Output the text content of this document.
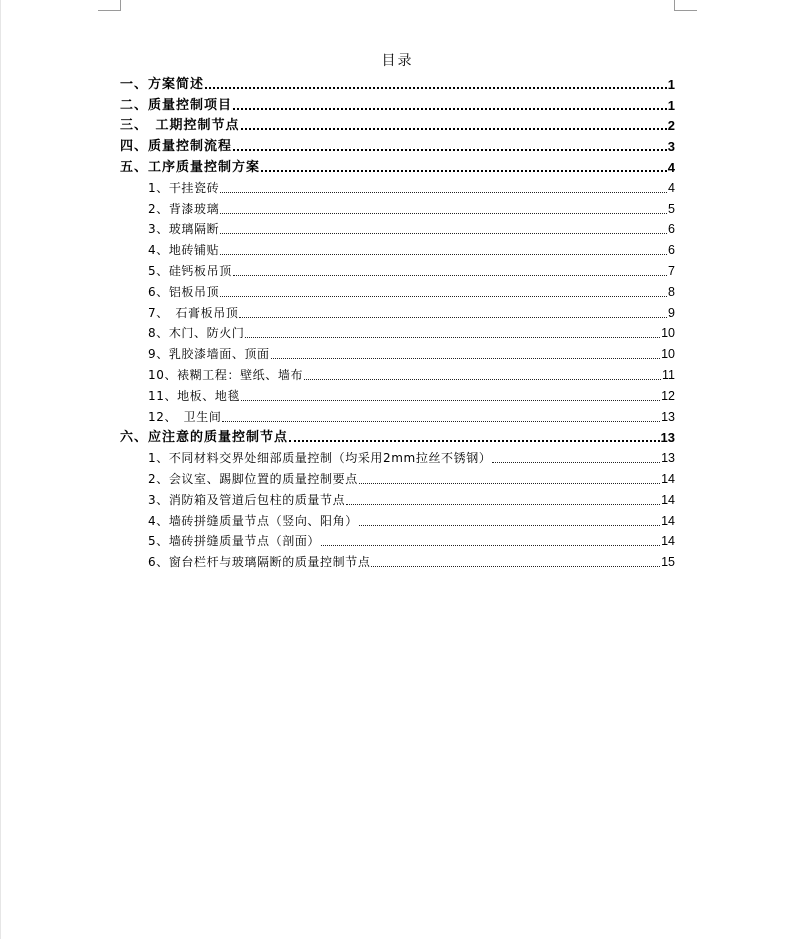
目录
一、方案简述	1
二、质量控制项目	1
三、　工期控制节点	2
四、质量控制流程	3
五、工序质量控制方案	4
1、干挂瓷砖	4
2、背漆玻璃	5
3、玻璃隔断	6
4、地砖铺贴	6
5、硅钙板吊顶	7
6、铝板吊顶	8
7、　石膏板吊顶	9
8、木门、防火门	10
9、乳胶漆墙面、顶面	10
10、裱糊工程：壁纸、墙布	11
11、地板、地毯	12
12、　卫生间	13
六、应注意的质量控制节点	13
1、不同材料交界处细部质量控制（均采用2mm拉丝不锈钢）	13
2、会议室、踢脚位置的质量控制要点	14
3、消防箱及管道后包柱的质量节点	14
4、墙砖拼缝质量节点（竖向、阳角）	14
5、墙砖拼缝质量节点（剖面）	14
6、窗台栏杆与玻璃隔断的质量控制节点	15
